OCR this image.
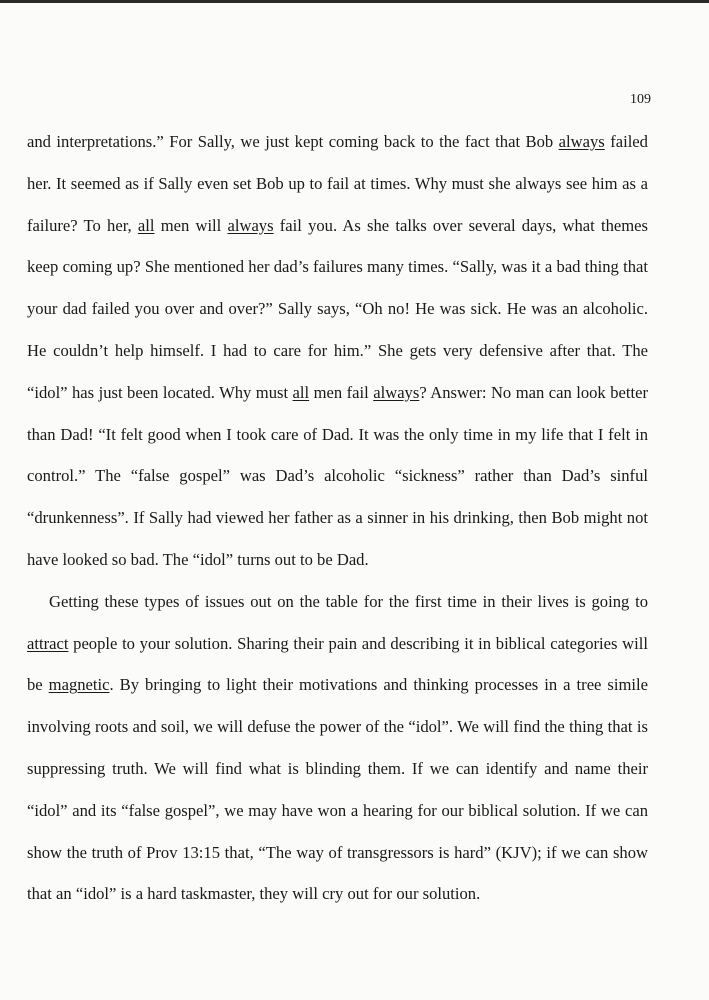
109

and interpretations.” For Sally, we just kept coming back to the fact that Bob always failed her. It seemed as if Sally even set Bob up to fail at times. Why must she always see him as a failure? To her, all men will always fail you. As she talks over several days, what themes keep coming up? She mentioned her dad’s failures many times. “Sally, was it a bad thing that your dad failed you over and over?” Sally says, “Oh no! He was sick. He was an alcoholic. He couldn’t help himself. I had to care for him.” She gets very defensive after that. The “idol” has just been located. Why must all men fail always? Answer: No man can look better than Dad! “It felt good when I took care of Dad. It was the only time in my life that I felt in control.” The “false gospel” was Dad’s alcoholic “sickness” rather than Dad’s sinful “drunkenness”. If Sally had viewed her father as a sinner in his drinking, then Bob might not have looked so bad. The “idol” turns out to be Dad.

Getting these types of issues out on the table for the first time in their lives is going to attract people to your solution. Sharing their pain and describing it in biblical categories will be magnetic. By bringing to light their motivations and thinking processes in a tree simile involving roots and soil, we will defuse the power of the “idol”. We will find the thing that is suppressing truth. We will find what is blinding them. If we can identify and name their “idol” and its “false gospel”, we may have won a hearing for our biblical solution. If we can show the truth of Prov 13:15 that, “The way of transgressors is hard” (KJV); if we can show that an “idol” is a hard taskmaster, they will cry out for our solution.
